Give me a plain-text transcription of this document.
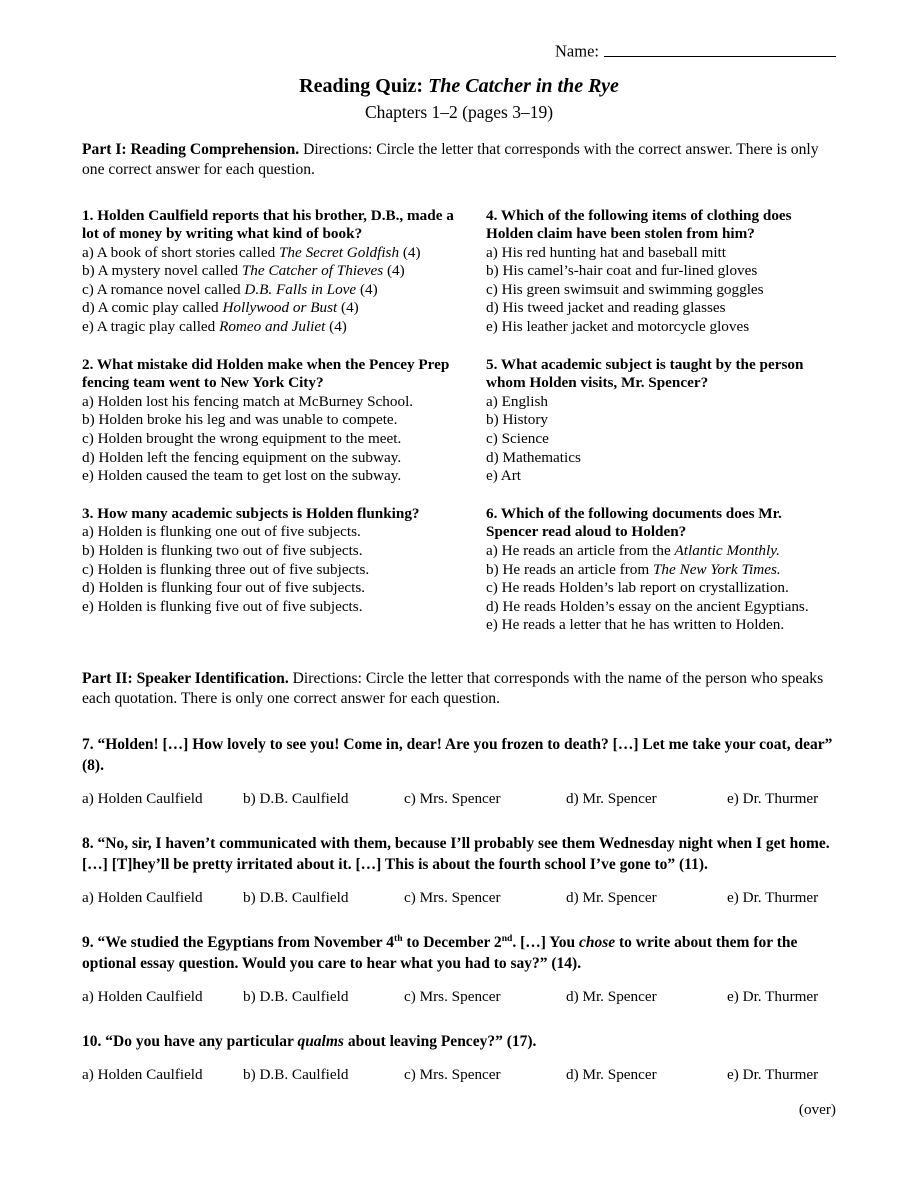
Name:
Reading Quiz: The Catcher in the Rye
Chapters 1–2 (pages 3–19)

Part I: Reading Comprehension. Directions: Circle the letter that corresponds with the correct answer. There is only one correct answer for each question.

1. Holden Caulfield reports that his brother, D.B., made a lot of money by writing what kind of book?
a) A book of short stories called The Secret Goldfish (4)
b) A mystery novel called The Catcher of Thieves (4)
c) A romance novel called D.B. Falls in Love (4)
d) A comic play called Hollywood or Bust (4)
e) A tragic play called Romeo and Juliet (4)
4. Which of the following items of clothing does Holden claim have been stolen from him?
a) His red hunting hat and baseball mitt
b) His camel’s-hair coat and fur-lined gloves
c) His green swimsuit and swimming goggles
d) His tweed jacket and reading glasses
e) His leather jacket and motorcycle gloves
2. What mistake did Holden make when the Pencey Prep fencing team went to New York City?
a) Holden lost his fencing match at McBurney School.
b) Holden broke his leg and was unable to compete.
c) Holden brought the wrong equipment to the meet.
d) Holden left the fencing equipment on the subway.
e) Holden caused the team to get lost on the subway.
5. What academic subject is taught by the person whom Holden visits, Mr. Spencer?
a) English
b) History
c) Science
d) Mathematics
e) Art
3. How many academic subjects is Holden flunking?
a) Holden is flunking one out of five subjects.
b) Holden is flunking two out of five subjects.
c) Holden is flunking three out of five subjects.
d) Holden is flunking four out of five subjects.
e) Holden is flunking five out of five subjects.
6. Which of the following documents does Mr. Spencer read aloud to Holden?
a) He reads an article from the Atlantic Monthly.
b) He reads an article from The New York Times.
c) He reads Holden’s lab report on crystallization.
d) He reads Holden’s essay on the ancient Egyptians.
e) He reads a letter that he has written to Holden.

Part II: Speaker Identification. Directions: Circle the letter that corresponds with the name of the person who speaks each quotation. There is only one correct answer for each question.

7. “Holden! […] How lovely to see you! Come in, dear! Are you frozen to death? […] Let me take your coat, dear” (8).
a) Holden Caulfield	b) D.B. Caulfield	c) Mrs. Spencer	d) Mr. Spencer	e) Dr. Thurmer
8. “No, sir, I haven’t communicated with them, because I’ll probably see them Wednesday night when I get home. […] [T]hey’ll be pretty irritated about it. […] This is about the fourth school I’ve gone to” (11).
a) Holden Caulfield	b) D.B. Caulfield	c) Mrs. Spencer	d) Mr. Spencer	e) Dr. Thurmer
9. “We studied the Egyptians from November 4th to December 2nd. […] You chose to write about them for the optional essay question. Would you care to hear what you had to say?” (14).
a) Holden Caulfield	b) D.B. Caulfield	c) Mrs. Spencer	d) Mr. Spencer	e) Dr. Thurmer
10. “Do you have any particular qualms about leaving Pencey?” (17).
a) Holden Caulfield	b) D.B. Caulfield	c) Mrs. Spencer	d) Mr. Spencer	e) Dr. Thurmer
(over)
